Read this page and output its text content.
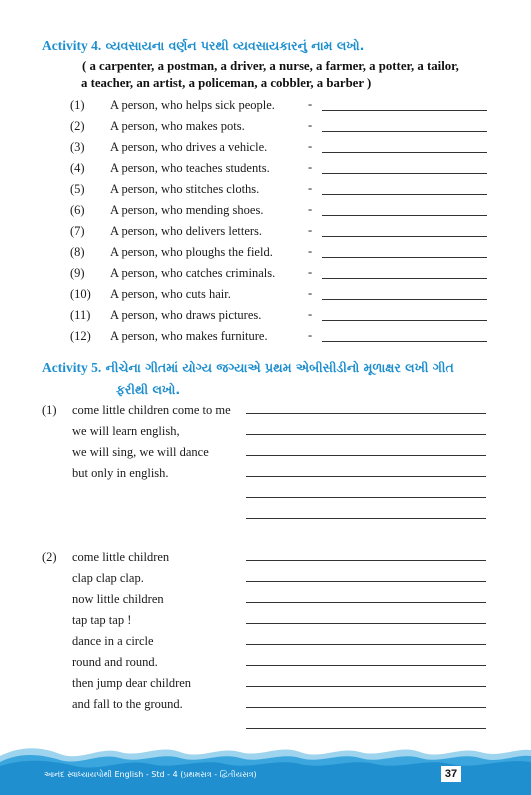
Activity 4. વ્યવસાયના વર્ણન પરથી વ્યવસાયકારનું નામ લખો.
( a carpenter, a postman, a driver, a nurse, a farmer, a potter, a tailor,
a teacher, an artist, a policeman, a cobbler, a barber )
(1) A person, who helps sick people.	-
(2) A person, who makes pots.	-
(3) A person, who drives a vehicle.	-
(4) A person, who teaches students.	-
(5) A person, who stitches cloths.	-
(6) A person, who mending shoes.	-
(7) A person, who delivers letters.	-
(8) A person, who ploughs the field.	-
(9) A person, who catches criminals.	-
(10) A person, who cuts hair.	-
(11) A person, who draws pictures.	-
(12) A person, who makes furniture.	-
Activity 5. નીચેના ગીતમાં યોગ્ય જગ્યાએ પ્રથમ એબીસીડીનો મૂળાક્ષર લખી ગીત
ફરીથી લખો.
(1) come little children come to me
we will learn english,
we will sing, we will dance
but only in english.
(2) come little children
clap clap clap.
now little children
tap tap tap !
dance in a circle
round and round.
then jump dear children
and fall to the ground.
આનંદ સ્વાધ્યાયપોથી English - Std - 4 (પ્રથમસત્ર - દ્વિતીયસત્ર)	37
